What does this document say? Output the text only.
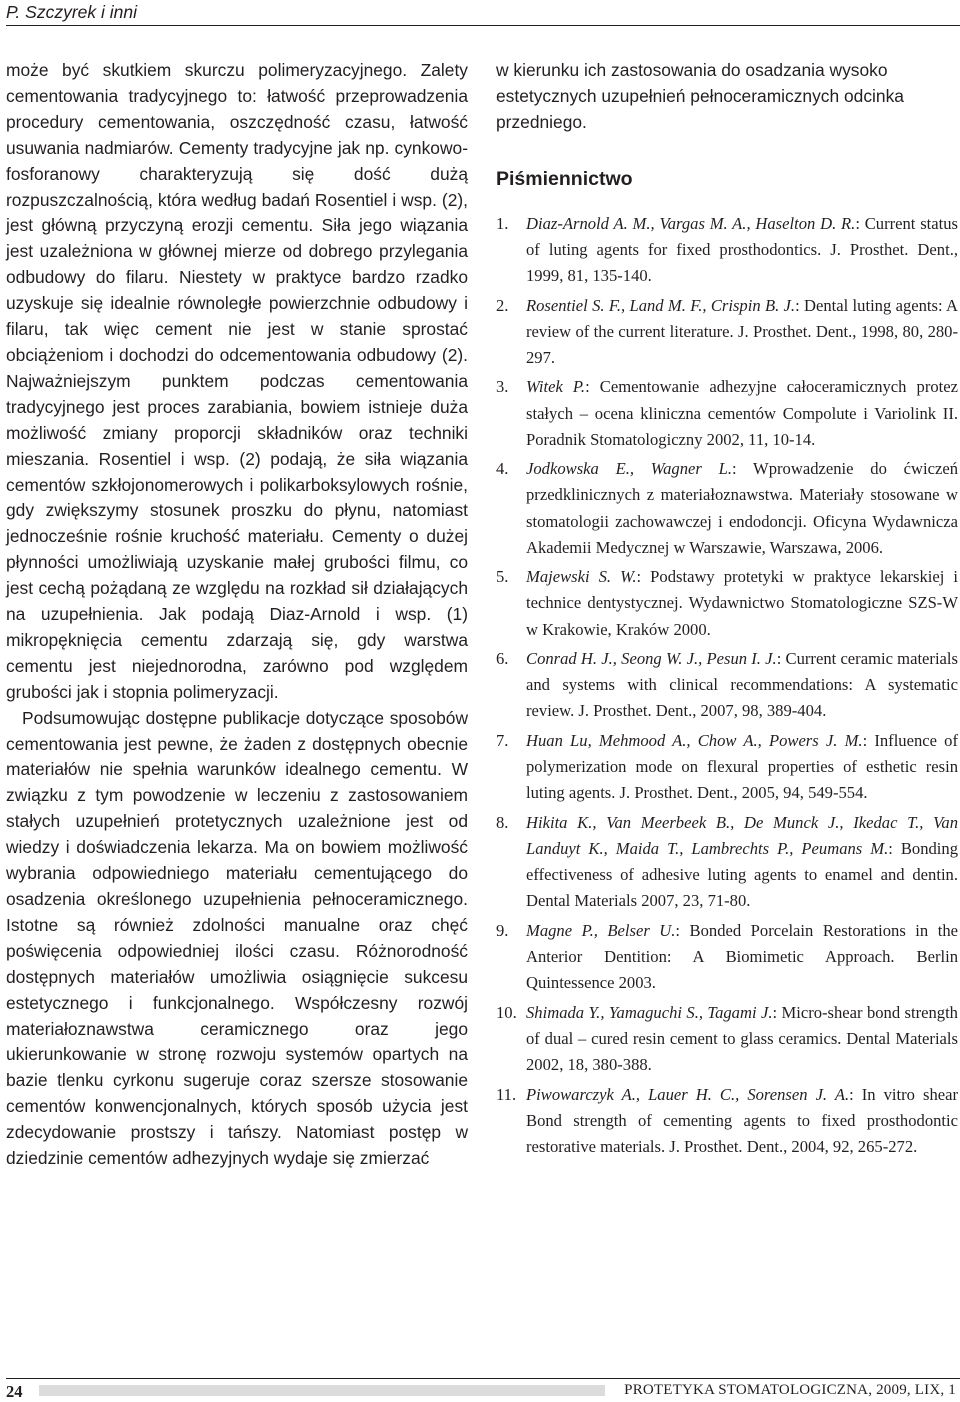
P. Szczyrek i inni

może być skutkiem skurczu polimeryzacyjnego. Zalety cementowania tradycyjnego to: łatwość przeprowadzenia procedury cementowania, oszczędność czasu, łatwość usuwania nadmiarów. Cementy tradycyjne jak np. cynkowo-fosforanowy charakteryzują się dość dużą rozpuszczalnością, która według badań Rosentiel i wsp. (2), jest główną przyczyną erozji cementu. Siła jego wiązania jest uzależniona w głównej mierze od dobrego przylegania odbudowy do filaru. Niestety w praktyce bardzo rzadko uzyskuje się idealnie równoległe powierzchnie odbudowy i filaru, tak więc cement nie jest w stanie sprostać obciążeniom i dochodzi do odcementowania odbudowy (2). Najważniejszym punktem podczas cementowania tradycyjnego jest proces zarabiania, bowiem istnieje duża możliwość zmiany proporcji składników oraz techniki mieszania. Rosentiel i wsp. (2) podają, że siła wiązania cementów szkłojonomerowych i polikarboksylowych rośnie, gdy zwiększymy stosunek proszku do płynu, natomiast jednocześnie rośnie kruchość materiału. Cementy o dużej płynności umożliwiają uzyskanie małej grubości filmu, co jest cechą pożądaną ze względu na rozkład sił działających na uzupełnienia. Jak podają Diaz-Arnold i wsp. (1) mikropęknięcia cementu zdarzają się, gdy warstwa cementu jest niejednorodna, zarówno pod względem grubości jak i stopnia polimeryzacji.

Podsumowując dostępne publikacje dotyczące sposobów cementowania jest pewne, że żaden z dostępnych obecnie materiałów nie spełnia warunków idealnego cementu. W związku z tym powodzenie w leczeniu z zastosowaniem stałych uzupełnień protetycznych uzależnione jest od wiedzy i doświadczenia lekarza. Ma on bowiem możliwość wybrania odpowiedniego materiału cementującego do osadzenia określonego uzupełnienia pełnoceramicznego. Istotne są również zdolności manualne oraz chęć poświęcenia odpowiedniej ilości czasu. Różnorodność dostępnych materiałów umożliwia osiągnięcie sukcesu estetycznego i funkcjonalnego. Współczesny rozwój materiałoznawstwa ceramicznego oraz jego ukierunkowanie w stronę rozwoju systemów opartych na bazie tlenku cyrkonu sugeruje coraz szersze stosowanie cementów konwencjonalnych, których sposób użycia jest zdecydowanie prostszy i tańszy. Natomiast postęp w dziedzinie cementów adhezyjnych wydaje się zmierzać

w kierunku ich zastosowania do osadzania wysoko estetycznych uzupełnień pełnoceramicznych odcinka przedniego.

Piśmiennictwo
1. Diaz-Arnold A. M., Vargas M. A., Haselton D. R.: Current status of luting agents for fixed prosthodontics. J. Prosthet. Dent., 1999, 81, 135-140.
2. Rosentiel S. F., Land M. F., Crispin B. J.: Dental luting agents: A review of the current literature. J. Prosthet. Dent., 1998, 80, 280-297.
3. Witek P.: Cementowanie adhezyjne całoceramicznych protez stałych – ocena kliniczna cementów Compolute i Variolink II. Poradnik Stomatologiczny 2002, 11, 10-14.
4. Jodkowska E., Wagner L.: Wprowadzenie do ćwiczeń przedklinicznych z materiałoznawstwa. Materiały stosowane w stomatologii zachowawczej i endodoncji. Oficyna Wydawnicza Akademii Medycznej w Warszawie, Warszawa, 2006.
5. Majewski S. W.: Podstawy protetyki w praktyce lekarskiej i technice dentystycznej. Wydawnictwo Stomatologiczne SZS-W w Krakowie, Kraków 2000.
6. Conrad H. J., Seong W. J., Pesun I. J.: Current ceramic materials and systems with clinical recommendations: A systematic review. J. Prosthet. Dent., 2007, 98, 389-404.
7. Huan Lu, Mehmood A., Chow A., Powers J. M.: Influence of polymerization mode on flexural properties of esthetic resin luting agents. J. Prosthet. Dent., 2005, 94, 549-554.
8. Hikita K., Van Meerbeek B., De Munck J., Ikedac T., Van Landuyt K., Maida T., Lambrechts P., Peumans M.: Bonding effectiveness of adhesive luting agents to enamel and dentin. Dental Materials 2007, 23, 71-80.
9. Magne P., Belser U.: Bonded Porcelain Restorations in the Anterior Dentition: A Biomimetic Approach. Berlin Quintessence 2003.
10. Shimada Y., Yamaguchi S., Tagami J.: Micro-shear bond strength of dual – cured resin cement to glass ceramics. Dental Materials 2002, 18, 380-388.
11. Piwowarczyk A., Lauer H. C., Sorensen J. A.: In vitro shear Bond strength of cementing agents to fixed prosthodontic restorative materials. J. Prosthet. Dent., 2004, 92, 265-272.
24	PROTETYKA STOMATOLOGICZNA, 2009, LIX, 1
